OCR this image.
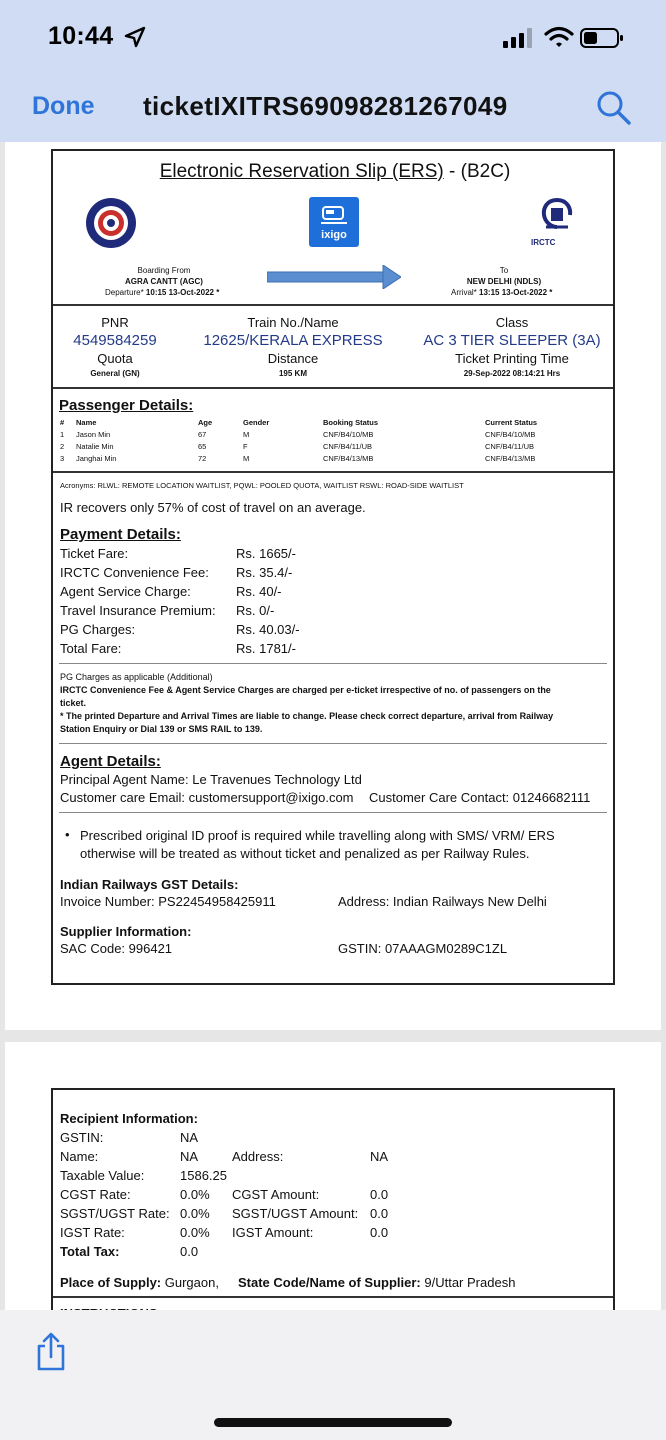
10:44
Done ticketIXITRS69098281267049
Electronic Reservation Slip (ERS) - (B2C)
ixigo
IRCTC
Boarding From
AGRA CANTT (AGC)
Departure* 10:15 13-Oct-2022 *
To
NEW DELHI (NDLS)
Arrival* 13:15 13-Oct-2022 *
PNR
4549584259
Quota
General (GN)
Train No./Name
12625/KERALA EXPRESS
Distance
195 KM
Class
AC 3 TIER SLEEPER (3A)
Ticket Printing Time
29-Sep-2022 08:14:21 Hrs
Passenger Details:
# Name	Age	Gender	Booking Status	Current Status
1 Jason Min	67	M	CNF/B4/10/MB	CNF/B4/10/MB
2 Natalie Min	65	F	CNF/B4/11/UB	CNF/B4/11/UB
3 Janghai Min	72	M	CNF/B4/13/MB	CNF/B4/13/MB
Acronyms: RLWL: REMOTE LOCATION WAITLIST, PQWL: POOLED QUOTA, WAITLIST RSWL: ROAD-SIDE WAITLIST
IR recovers only 57% of cost of travel on an average.
Payment Details:
Ticket Fare:	Rs. 1665/-
IRCTC Convenience Fee: Rs. 35.4/-
Agent Service Charge:	Rs. 40/-
Travel Insurance Premium: Rs. 0/-
PG Charges:	Rs. 40.03/-
Total Fare:	Rs. 1781/-
PG Charges as applicable (Additional)
IRCTC Convenience Fee & Agent Service Charges are charged per e-ticket irrespective of no. of passengers on the
ticket.
* The printed Departure and Arrival Times are liable to change. Please check correct departure, arrival from Railway
Station Enquiry or Dial 139 or SMS RAIL to 139.
Agent Details:
Principal Agent Name: Le Travenues Technology Ltd
Customer care Email: customersupport@ixigo.com Customer Care Contact: 01246682111
• Prescribed original ID proof is required while travelling along with SMS/ VRM/ ERS
otherwise will be treated as without ticket and penalized as per Railway Rules.
Indian Railways GST Details:
Invoice Number: PS22454958425911	Address: Indian Railways New Delhi
Supplier Information:
SAC Code: 996421	GSTIN: 07AAAGM0289C1ZL
Recipient Information:
GSTIN:	NA
Name:	NA	Address:	NA
Taxable Value:	1586.25
CGST Rate:	0.0% CGST Amount:	0.0
SGST/UGST Rate: 0.0% SGST/UGST Amount: 0.0
IGST Rate:	0.0% IGST Amount:	0.0
Total Tax:	0.0
Place of Supply: Gurgaon, State Code/Name of Supplier: 9/Uttar Pradesh
